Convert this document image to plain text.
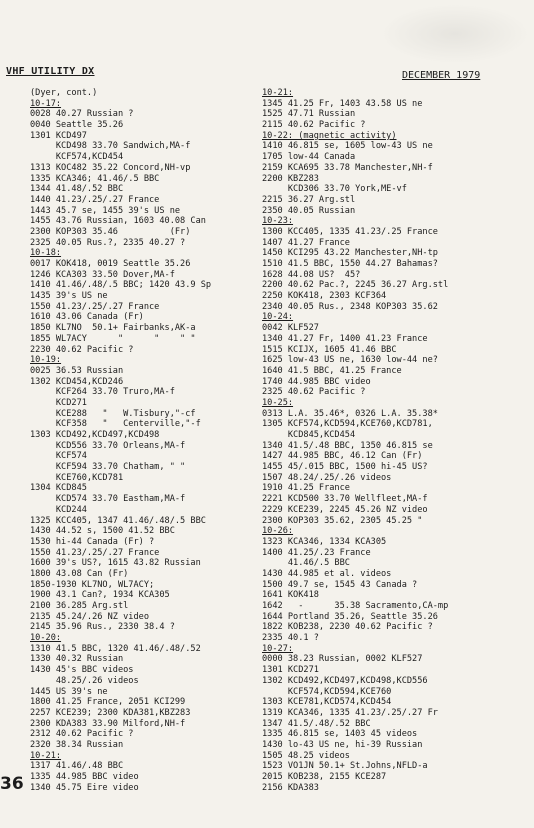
VHF UTILITY DX	DECEMBER 1979
(Dyer, cont.)
10-17:
0028 40.27 Russian ?
0040 Seattle 35.26
1301 KCD497
KCD498 33.70 Sandwich,MA-f
KCF574,KCD454
1313 KOC482 35.22 Concord,NH-vp
1335 KCA346; 41.46/.5 BBC
1344 41.48/.52 BBC
1440 41.23/.25/.27 France
1443 45.7 se, 1455 39's US ne
1455 43.76 Russian, 1603 40.08 Can
2300 KOP303 35.46          (Fr)
2325 40.05 Rus.?, 2335 40.27 ?
10-18:
0017 KOK418, 0019 Seattle 35.26
1246 KCA303 33.50 Dover,MA-f
1410 41.46/.48/.5 BBC; 1420 43.9 Sp
1435 39's US ne
1550 41.23/.25/.27 France
1610 43.06 Canada (Fr)
1850 KL7NO  50.1+ Fairbanks,AK-a
1855 WL7ACY      "      "    " "
2230 40.62 Pacific ?
10-19:
0025 36.53 Russian
1302 KCD454,KCD246
KCF264 33.70 Truro,MA-f
KCD271
KCE288   "   W.Tisbury,"-cf
KCF358   "   Centerville,"-f
1303 KCD492,KCD497,KCD498
KCD556 33.70 Orleans,MA-f
KCF574
KCF594 33.70 Chatham, " "
KCE760,KCD781
1304 KCD845
KCD574 33.70 Eastham,MA-f
KCD244
1325 KCC405, 1347 41.46/.48/.5 BBC
1430 44.52 s, 1500 41.52 BBC
1530 hi-44 Canada (Fr) ?
1550 41.23/.25/.27 France
1600 39's US?, 1615 43.82 Russian
1800 43.08 Can (Fr)
1850-1930 KL7NO, WL7ACY;
1900 43.1 Can?, 1934 KCA305
2100 36.285 Arg.stl
2135 45.24/.26 NZ video
2145 35.96 Rus., 2330 38.4 ?
10-20:
1310 41.5 BBC, 1320 41.46/.48/.52
1330 40.32 Russian
1430 45's BBC videos
48.25/.26 videos
1445 US 39's ne
1800 41.25 France, 2051 KCI299
2257 KCE239; 2300 KDA381,KBZ283
2300 KDA383 33.90 Milford,NH-f
2312 40.62 Pacific ?
2320 38.34 Russian
10-21:
1317 41.46/.48 BBC
1335 44.985 BBC video
1340 45.75 Eire video
10-21:
1345 41.25 Fr, 1403 43.58 US ne
1525 47.71 Russian
2115 40.62 Pacific ?
10-22: (magnetic activity)
1410 46.815 se, 1605 low-43 US ne
1705 low-44 Canada
2159 KCA695 33.78 Manchester,NH-f
2200 KBZ283
KCD306 33.70 York,ME-vf
2215 36.27 Arg.stl
2350 40.05 Russian
10-23:
1300 KCC405, 1335 41.23/.25 France
1407 41.27 France
1450 KCI295 43.22 Manchester,NH-tp
1510 41.5 BBC, 1550 44.27 Bahamas?
1628 44.08 US?  45?
2200 40.62 Pac.?, 2245 36.27 Arg.stl
2250 KOK418, 2303 KCF364
2340 40.05 Rus., 2348 KOP303 35.62
10-24:
0042 KLF527
1340 41.27 Fr, 1400 41.23 France
1515 KCIJX, 1605 41.46 BBC
1625 low-43 US ne, 1630 low-44 ne?
1640 41.5 BBC, 41.25 France
1740 44.985 BBC video
2325 40.62 Pacific ?
10-25:
0313 L.A. 35.46*, 0326 L.A. 35.38*
1305 KCF574,KCD594,KCE760,KCD781,
KCD845,KCD454
1340 41.5/.48 BBC, 1350 46.815 se
1427 44.985 BBC, 46.12 Can (Fr)
1455 45/.015 BBC, 1500 hi-45 US?
1507 48.24/.25/.26 videos
1910 41.25 France
2221 KCD500 33.70 Wellfleet,MA-f
2229 KCE239, 2245 45.26 NZ video
2300 KOP303 35.62, 2305 45.25 "
10-26:
1323 KCA346, 1334 KCA305
1400 41.25/.23 France
41.46/.5 BBC
1430 44.985 et al. videos
1500 49.7 se, 1545 43 Canada ?
1641 KOK418
1642   -      35.38 Sacramento,CA-mp
1644 Portland 35.26, Seattle 35.26
1822 KOB238, 2230 40.62 Pacific ?
2335 40.1 ?
10-27:
0000 38.23 Russian, 0002 KLF527
1301 KCD271
1302 KCD492,KCD497,KCD498,KCD556
KCF574,KCD594,KCE760
1303 KCE781,KCD574,KCD454
1319 KCA346, 1335 41.23/.25/.27 Fr
1347 41.5/.48/.52 BBC
1335 46.815 se, 1403 45 videos
1430 lo-43 US ne, hi-39 Russian
1505 48.25 videos
1523 VO1JN 50.1+ St.Johns,NFLD-a
2015 KOB238, 2155 KCE287
2156 KDA383
36
